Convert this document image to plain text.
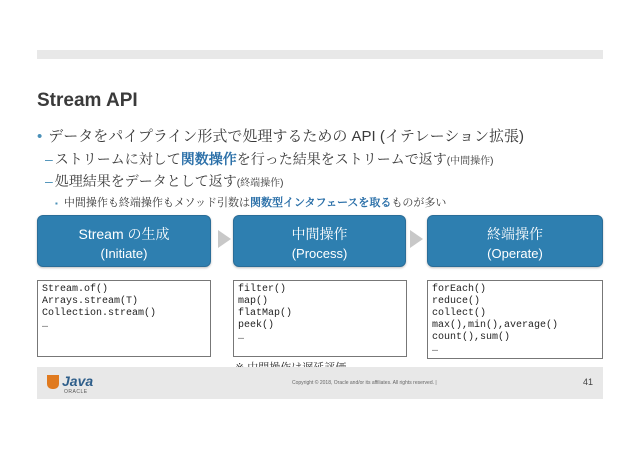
Stream API
• データをパイプライン形式で処理するための API (イテレーション拡張)
– ストリームに対して関数操作を行った結果をストリームで返す(中間操作)
– 処理結果をデータとして返す(終端操作)
▪ 中間操作も終端操作もメソッド引数は関数型インタフェースを取るものが多い
Stream の生成
(Initiate)
中間操作
(Process)
終端操作
(Operate)
Stream.of()
Arrays.stream(T)
Collection.stream()
…
filter()
map()
flatMap()
peek()
…
forEach()
reduce()
collect()
max(),min(),average()
count(),sum()
…
Java
ORACLE
Copyright © 2018, Oracle and/or its affiliates. All rights reserved. |	41
